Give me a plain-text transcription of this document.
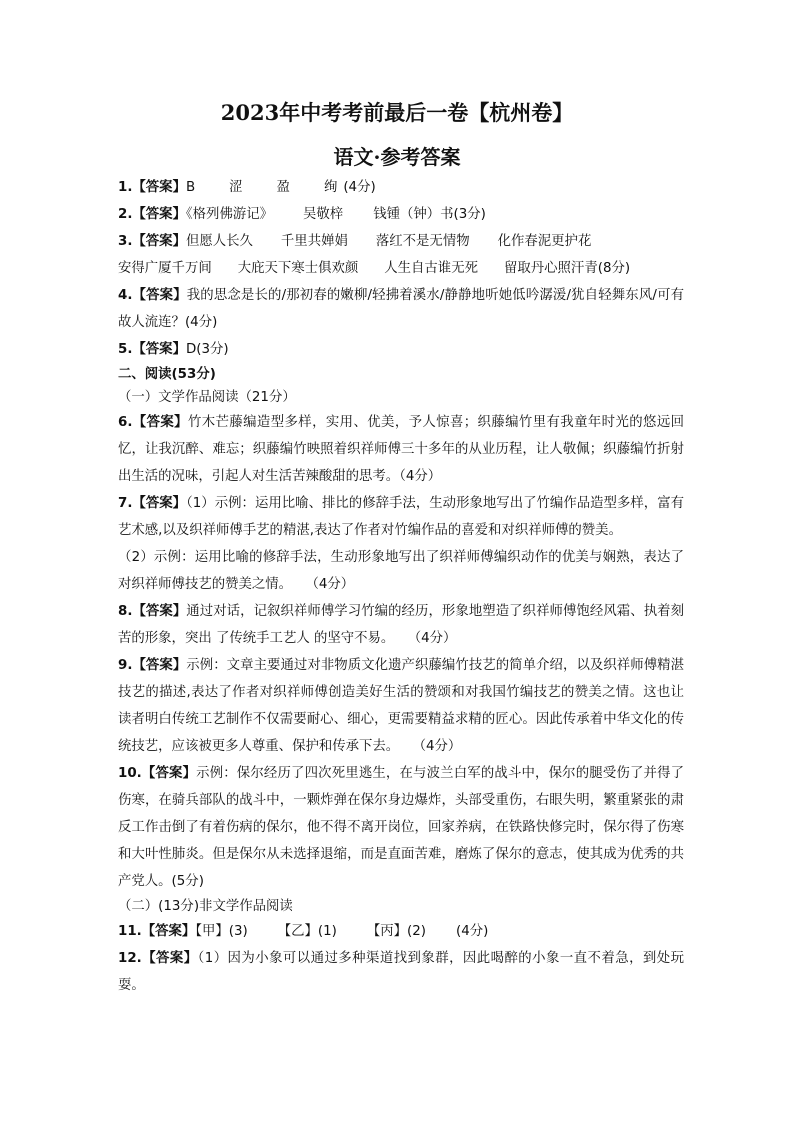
2023年中考考前最后一卷【杭州卷】
语文·参考答案
1.【答案】B	涩	盈	绚 (4分)
2.【答案】《格列佛游记》 吴敬梓 钱锺（钟）书(3分)
3.【答案】但愿人长久 千里共婵娟 落红不是无情物 化作春泥更护花
安得广厦千万间 大庇天下寒士俱欢颜 人生自古谁无死 留取丹心照汗青(8分)
4.【答案】我的思念是长的/那初春的嫩柳/轻拂着溪水/静静地听她低吟潺湲/犹自轻舞东风/可有故人流连？(4分)
5.【答案】D(3分)
二、阅读(53分)
（一）文学作品阅读（21分）
6.【答案】竹木芒藤编造型多样，实用、优美，予人惊喜；织藤编竹里有我童年时光的悠远回忆，让我沉醉、难忘；织藤编竹映照着织祥师傅三十多年的从业历程，让人敬佩；织藤编竹折射出生活的况味，引起人对生活苦辣酸甜的思考。（4分）
7.【答案】（1）示例：运用比喻、排比的修辞手法，生动形象地写出了竹编作品造型多样，富有艺术感,以及织祥师傅手艺的精湛,表达了作者对竹编作品的喜爱和对织祥师傅的赞美。
（2）示例：运用比喻的修辞手法，生动形象地写出了织祥师傅编织动作的优美与娴熟，表达了对织祥师傅技艺的赞美之情。　　（4分）
8.【答案】通过对话，记叙织祥师傅学习竹编的经历，形象地塑造了织祥师傅饱经风霜、执着刻苦的形象，突出 了传统手工艺人 的坚守不易。　　（4分）
9.【答案】示例：文章主要通过对非物质文化遗产织藤编竹技艺的简单介绍，以及织祥师傅精湛技艺的描述,表达了作者对织祥师傅创造美好生活的赞颂和对我国竹编技艺的赞美之情。这也让读者明白传统工艺制作不仅需要耐心、细心，更需要精益求精的匠心。因此传承着中华文化的传统技艺，应该被更多人尊重、保护和传承下去。　　（4分）
10.【答案】示例：保尔经历了四次死里逃生，在与波兰白军的战斗中，保尔的腿受伤了并得了伤寒，在骑兵部队的战斗中，一颗炸弹在保尔身边爆炸，头部受重伤，右眼失明，繁重紧张的肃反工作击倒了有着伤病的保尔，他不得不离开岗位，回家养病，在铁路快修完时，保尔得了伤寒和大叶性肺炎。但是保尔从未选择退缩，而是直面苦难，磨炼了保尔的意志，使其成为优秀的共产党人。(5分)
（二）(13分)非文学作品阅读
11.【答案】【甲】(3) 【乙】(1) 【丙】(2) (4分)
12.【答案】（1）因为小象可以通过多种渠道找到象群，因此喝醉的小象一直不着急，到处玩耍。
